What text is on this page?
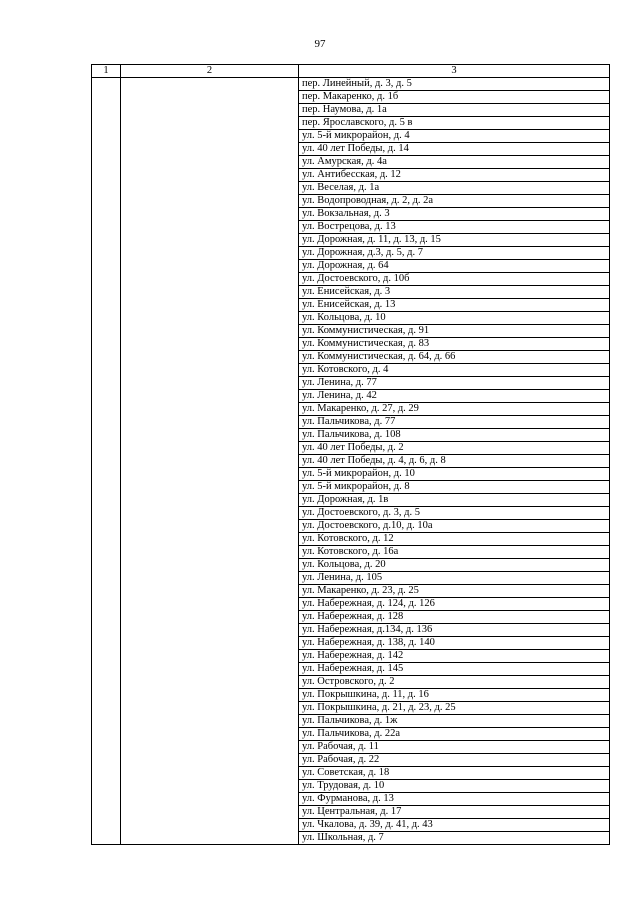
97
1	2	3
		пер. Линейный, д. 3, д. 5
		пер. Макаренко, д. 1б
		пер. Наумова, д. 1а
		пер. Ярославского, д. 5 в
		ул. 5-й микрорайон, д. 4
		ул. 40 лет Победы, д. 14
		ул. Амурская, д. 4а
		ул. Антибесская, д. 12
		ул. Веселая, д. 1а
		ул. Водопроводная, д. 2, д. 2а
		ул. Вокзальная, д. 3
		ул. Вострецова, д. 13
		ул. Дорожная, д. 11, д. 13, д. 15
		ул. Дорожная, д.3, д. 5, д. 7
		ул. Дорожная, д. 64
		ул. Достоевского, д. 10б
		ул. Енисейская, д. 3
		ул. Енисейская, д. 13
		ул. Кольцова, д. 10
		ул. Коммунистическая, д. 91
		ул. Коммунистическая, д. 83
		ул. Коммунистическая, д. 64, д. 66
		ул. Котовского, д. 4
		ул. Ленина, д. 77
		ул. Ленина, д. 42
		ул. Макаренко, д. 27, д. 29
		ул. Пальчикова, д. 77
		ул. Пальчикова, д. 108
		ул. 40 лет Победы, д. 2
		ул. 40 лет Победы, д. 4, д. 6, д. 8
		ул. 5-й микрорайон, д. 10
		ул. 5-й микрорайон, д. 8
		ул. Дорожная, д. 1в
		ул. Достоевского, д. 3, д. 5
		ул. Достоевского, д.10, д. 10а
		ул. Котовского, д. 12
		ул. Котовского, д. 16а
		ул. Кольцова, д. 20
		ул. Ленина, д. 105
		ул. Макаренко, д. 23, д. 25
		ул. Набережная, д. 124, д. 126
		ул. Набережная, д. 128
		ул. Набережная, д.134, д. 136
		ул. Набережная, д. 138, д. 140
		ул. Набережная, д. 142
		ул. Набережная, д. 145
		ул. Островского, д. 2
		ул. Покрышкина, д. 11, д. 16
		ул. Покрышкина, д. 21, д. 23, д. 25
		ул. Пальчикова, д. 1ж
		ул. Пальчикова, д. 22а
		ул. Рабочая, д. 11
		ул. Рабочая, д. 22
		ул. Советская, д. 18
		ул. Трудовая, д. 10
		ул. Фурманова, д. 13
		ул. Центральная, д. 17
		ул. Чкалова, д. 39, д. 41, д. 43
		ул. Школьная, д. 7
